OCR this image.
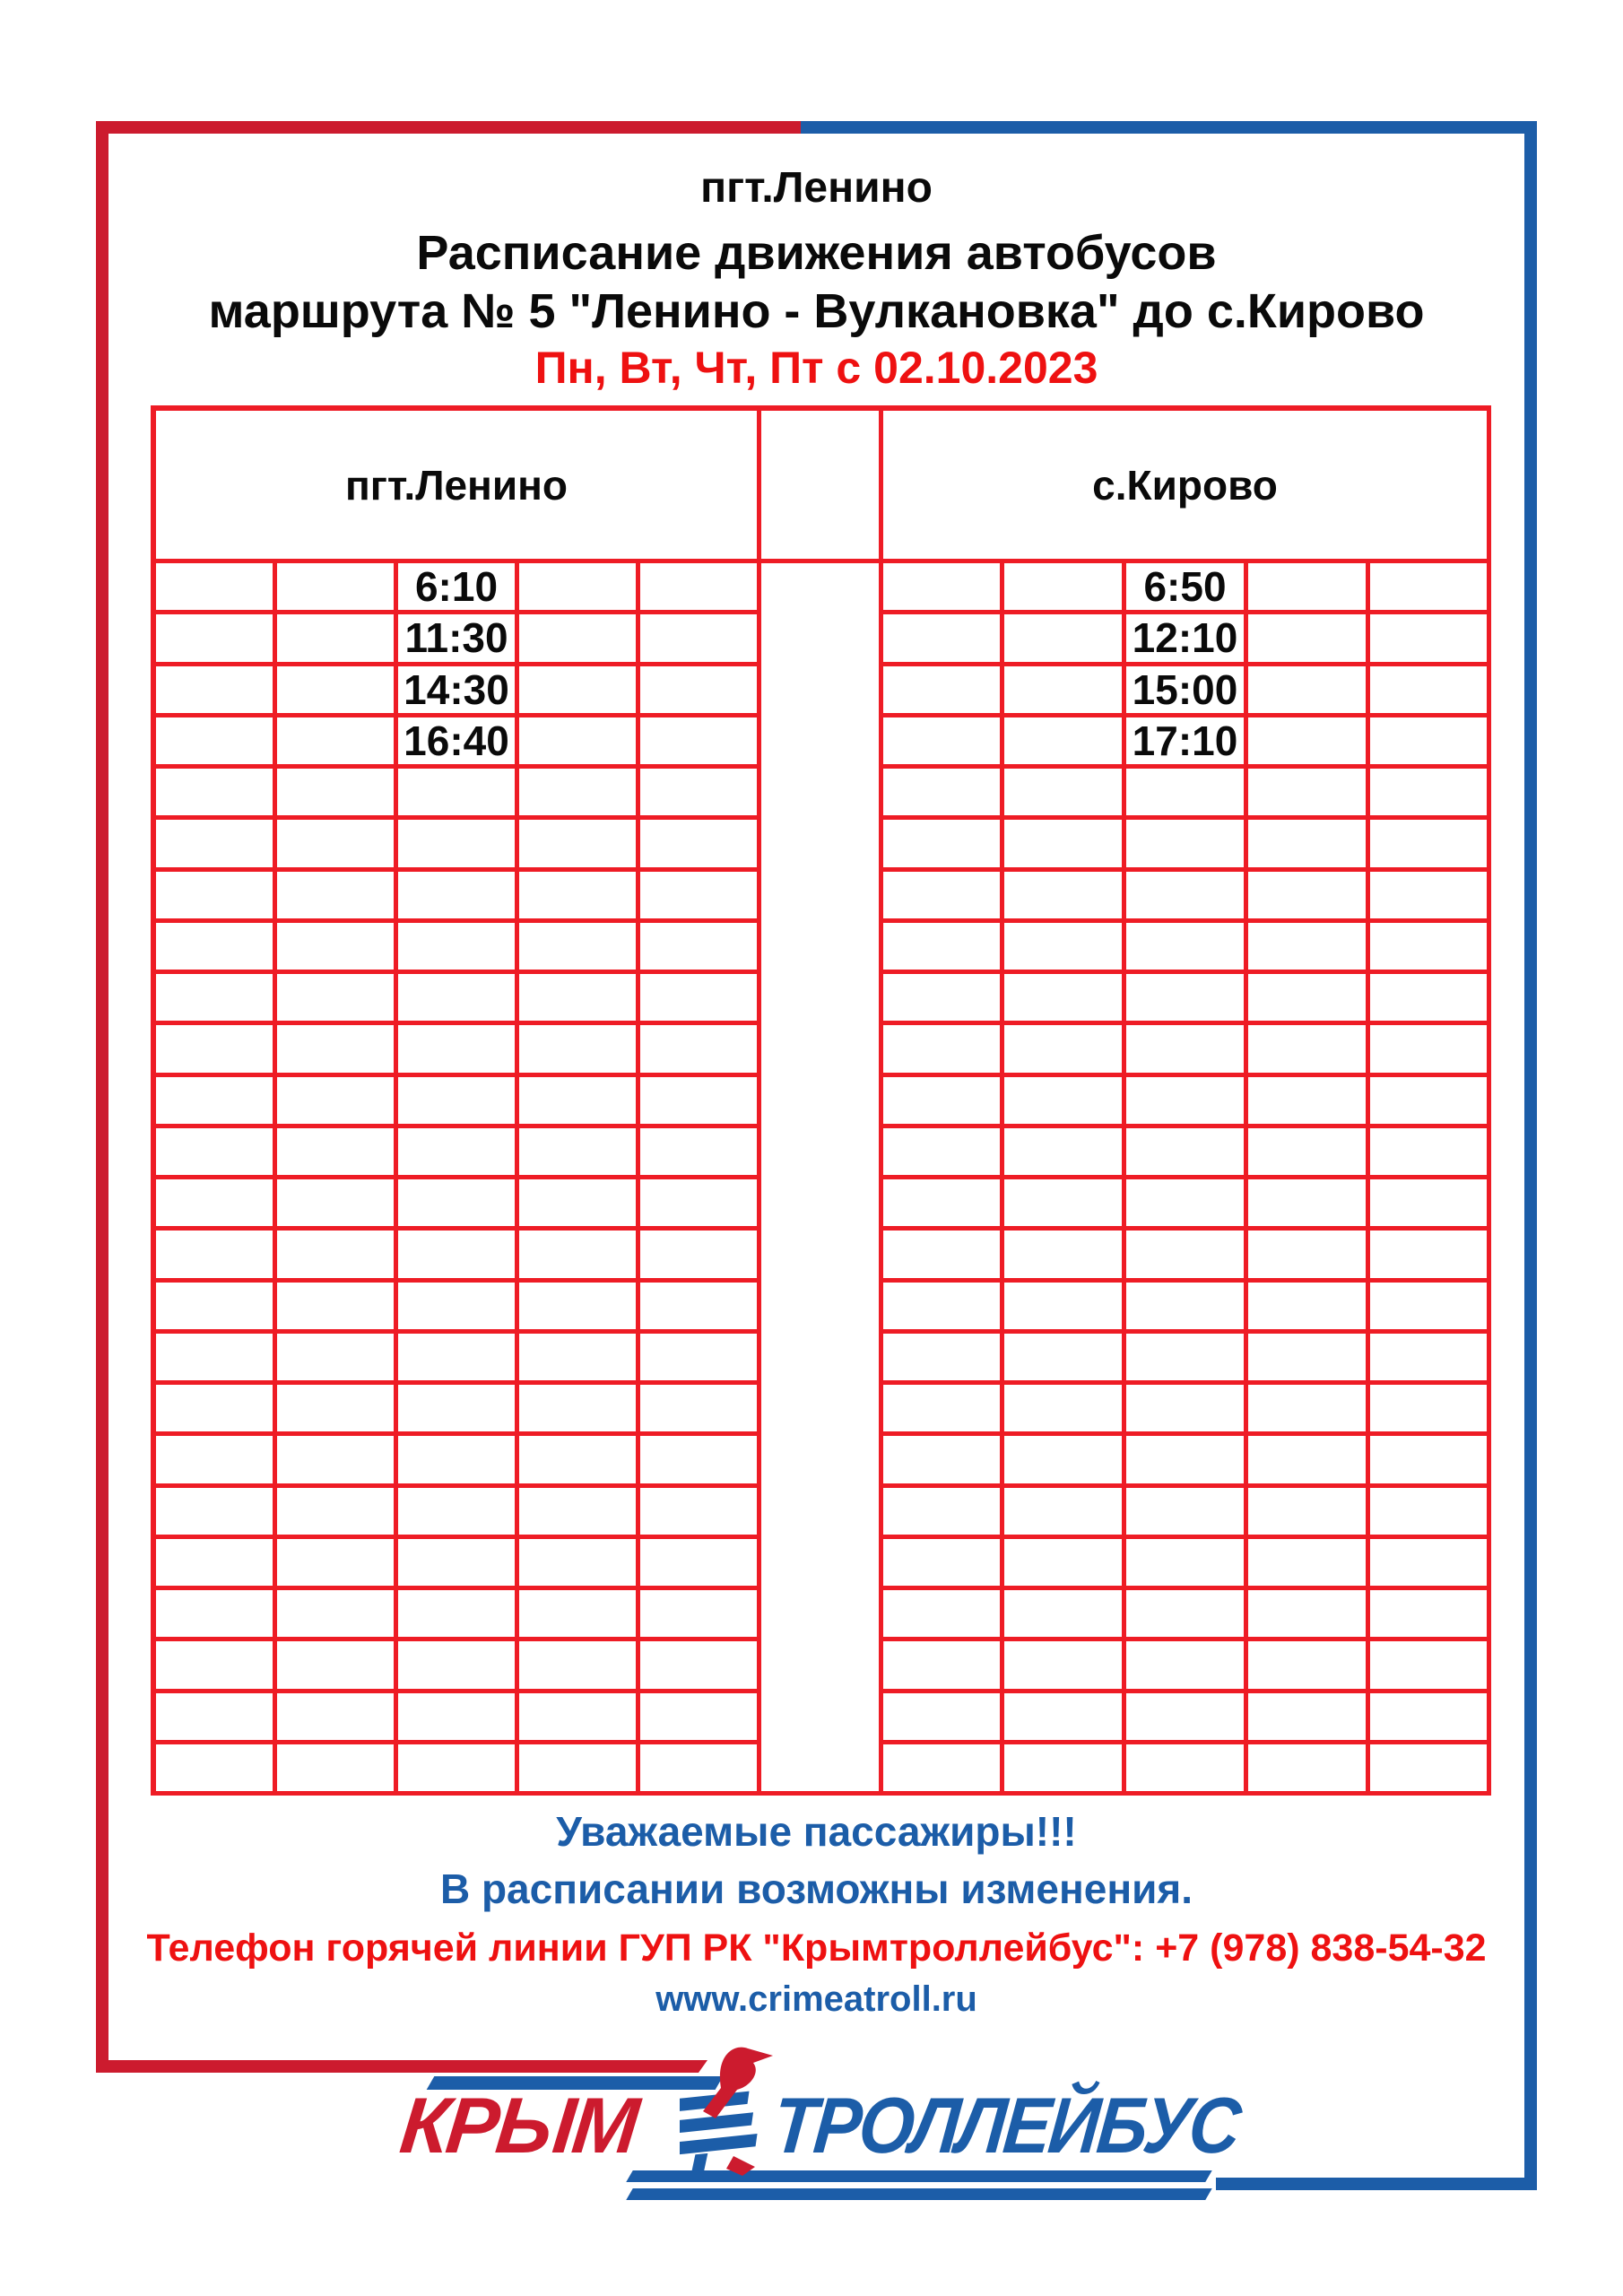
пгт.Ленино
Расписание движения автобусов
маршрута № 5 "Ленино - Вулкановка" до с.Кирово
Пн, Вт, Чт, Пт с 02.10.2023
пгт.Ленино	с.Кирово
6:10	6:50
11:30	12:10
14:30	15:00
16:40	17:10
Уважаемые пассажиры!!!
В расписании возможны изменения.
Телефон горячей линии ГУП РК "Крымтроллейбус": +7 (978) 838-54-32
www.crimeatroll.ru
КРЫМ ТРОЛЛЕЙБУС
